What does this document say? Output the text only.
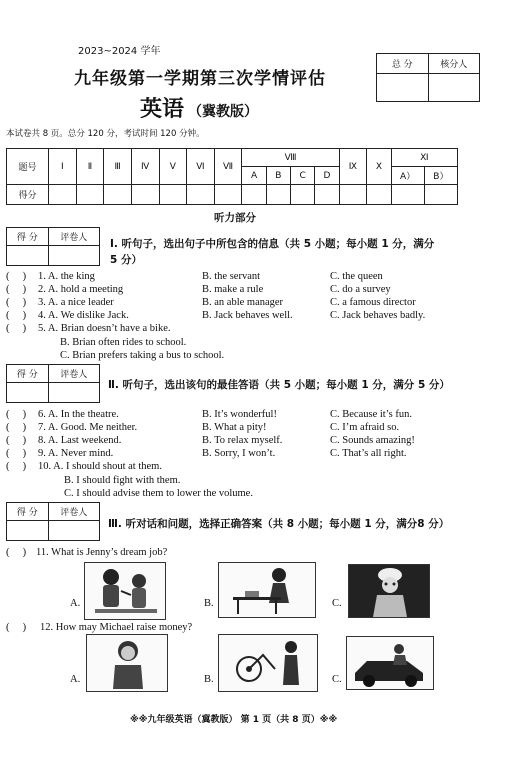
2023~2024 学年
九年级第一学期第三次学情评估
英语 （冀教版）
本试卷共 8 页。总分 120 分，考试时间 120 分钟。
总 分	核分人

题号	I	Ⅱ	Ⅲ	Ⅳ	V	Ⅵ	Ⅶ	Ⅷ				Ⅸ	X	Ⅺ	
								A	B	C	D			A）	B）
得分															
听力部分
得 分	评卷人
	Ⅰ. 听句子，选出句子中所包含的信息（共 5 小题；每小题 1 分，满分
5 分）
(     ) 1. A. the king	B. the servant	C. the queen
(     ) 2. A. hold a meeting	B. make a rule	C. do a survey
(     ) 3. A. a nice leader	B. an able manager	C. a famous director
(     ) 4. A. We dislike Jack.	B. Jack behaves well.	C. Jack behaves badly.
(     ) 5. A. Brian doesn’t have a bike.
B. Brian often rides to school.
C. Brian prefers taking a bus to school.
得 分	评卷人

Ⅱ. 听句子，选出该句的最佳答语（共 5 小题；每小题 1 分，满分 5 分）
(     ) 6. A. In the theatre.	B. It’s wonderful!	C. Because it’s fun.
(     ) 7. A. Good. Me neither.	B. What a pity!	C. I’m afraid so.
(     ) 8. A. Last weekend.	B. To relax myself.	C. Sounds amazing!
(     ) 9. A. Never mind.	B. Sorry, I won’t.	C. That’s all right.
(     ) 10. A. I should shout at them.
B. I should fight with them.
C. I should advise them to lower the volume.
得 分	评卷人

Ⅲ. 听对话和问题，选择正确答案（共 8 小题；每小题 1 分，满分8 分）
(     ) 11. What is Jenny’s dream job?
A.	B.	C.
(     ) 12. How may Michael raise money?
A.	B.	C.
※※九年级英语（冀教版） 第 1 页（共 8 页）※※
